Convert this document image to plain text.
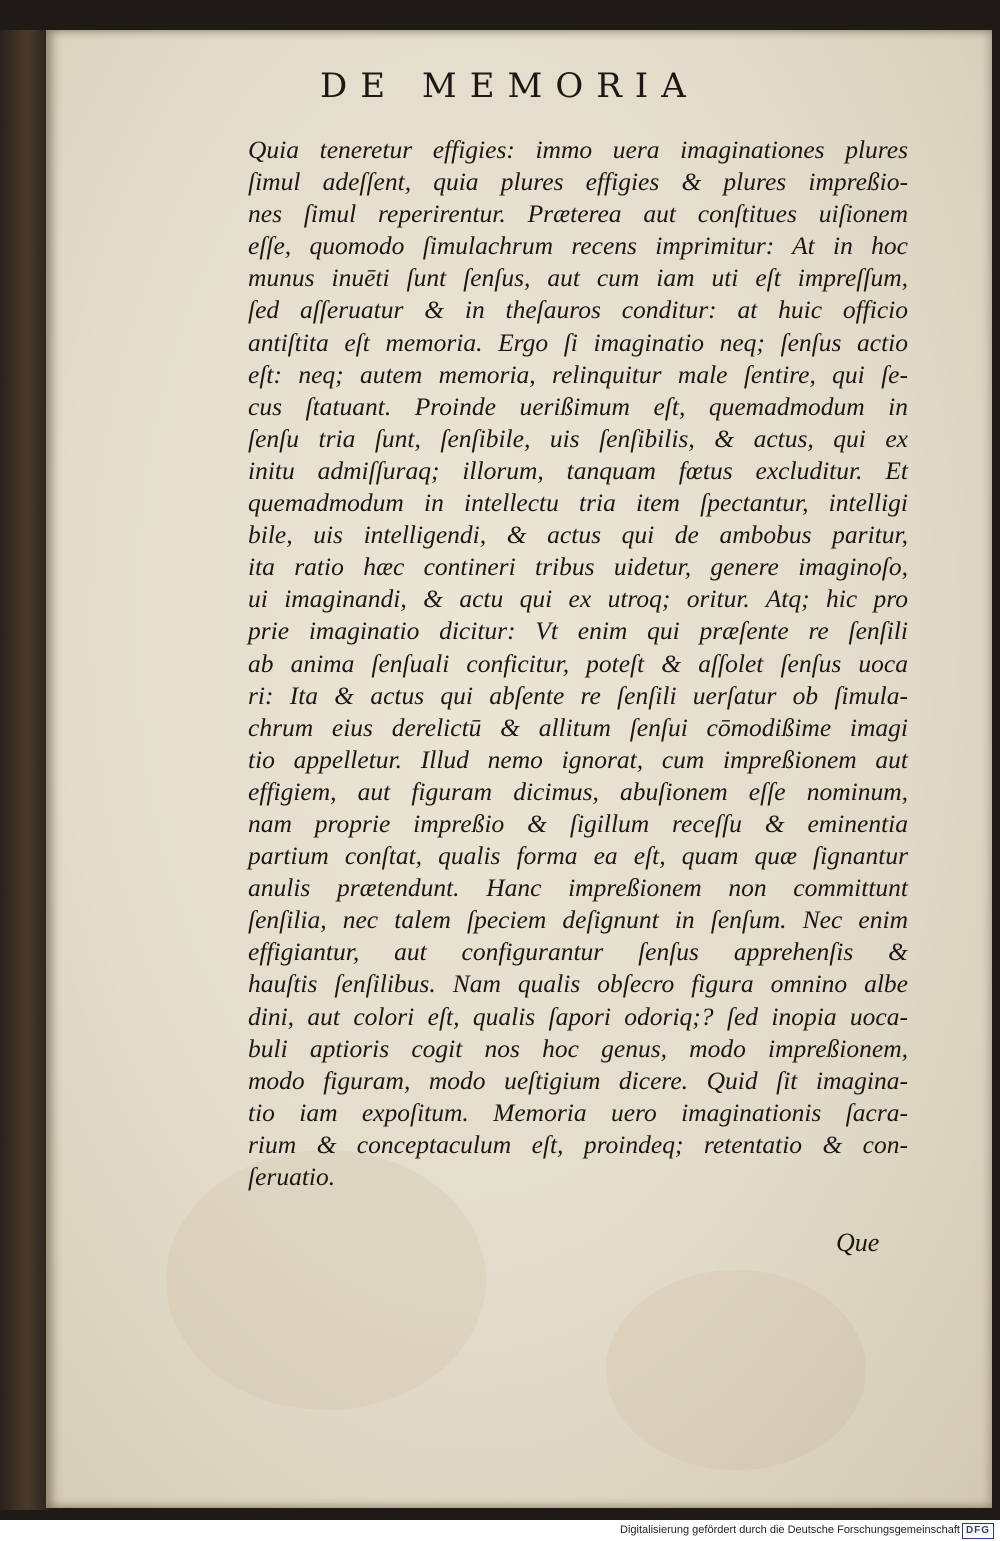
DE MEMORIA
Quia teneretur effigies: immo uera imaginationes plures
ſimul adeſſent, quia plures effigies & plures impreßio-
nes ſimul reperirentur. Præterea aut conſtitues uiſionem
eſſe, quomodo ſimulachrum recens imprimitur: At in hoc
munus inuēti ſunt ſenſus, aut cum iam uti eſt impreſſum,
ſed aſſeruatur & in theſauros conditur: at huic officio
antiſtita eſt memoria. Ergo ſi imaginatio neq; ſenſus actio
eſt: neq; autem memoria, relinquitur male ſentire, qui ſe-
cus ſtatuant. Proinde uerißimum eſt, quemadmodum in
ſenſu tria ſunt, ſenſibile, uis ſenſibilis, & actus, qui ex
initu admiſſuraq; illorum, tanquam fœtus excluditur. Et
quemadmodum in intellectu tria item ſpectantur, intelligi
bile, uis intelligendi, & actus qui de ambobus paritur,
ita ratio hæc contineri tribus uidetur, genere imaginoſo,
ui imaginandi, & actu qui ex utroq; oritur. Atq; hic pro
prie imaginatio dicitur: Vt enim qui præſente re ſenſili
ab anima ſenſuali conficitur, poteſt & aſſolet ſenſus uoca
ri: Ita & actus qui abſente re ſenſili uerſatur ob ſimula-
chrum eius derelictū & allitum ſenſui cōmodißime imagi
tio appelletur. Illud nemo ignorat, cum impreßionem aut
effigiem, aut figuram dicimus, abuſionem eſſe nominum,
nam proprie impreßio & ſigillum receſſu & eminentia
partium conſtat, qualis forma ea eſt, quam quæ ſignantur
anulis prætendunt. Hanc impreßionem non committunt
ſenſilia, nec talem ſpeciem deſignunt in ſenſum. Nec enim
effigiantur, aut configurantur ſenſus apprehenſis &
hauſtis ſenſilibus. Nam qualis obſecro figura omnino albe
dini, aut colori eſt, qualis ſapori odoriq;? ſed inopia uoca-
buli aptioris cogit nos hoc genus, modo impreßionem,
modo figuram, modo ueſtigium dicere. Quid ſit imagina-
tio iam expoſitum. Memoria uero imaginationis ſacra-
rium & conceptaculum eſt, proindeq; retentatio & con-
ſeruatio.
Que
Digitalisierung gefördert durch die Deutsche Forschungsgemeinschaft DFG
